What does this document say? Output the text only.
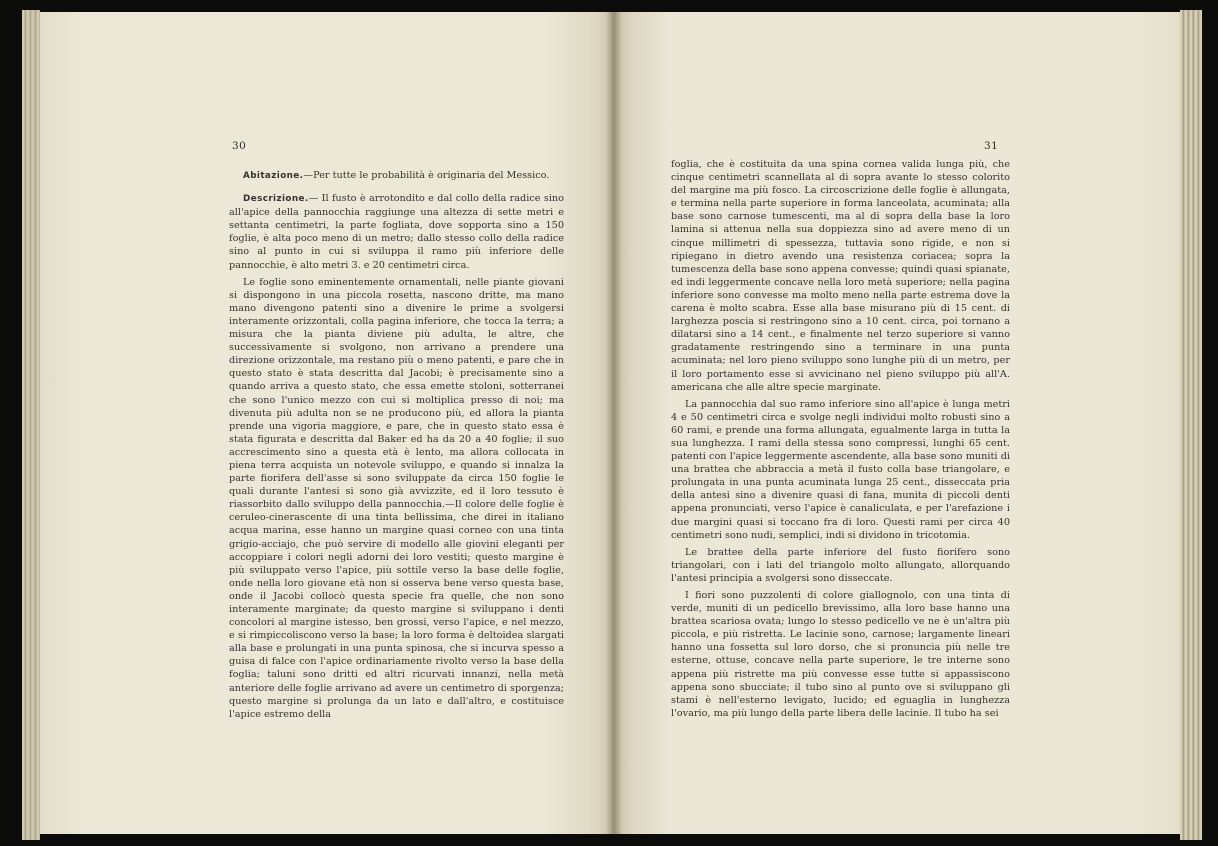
30

Abitazione.—Per tutte le probabilità è originaria del Messico.

Descrizione.— Il fusto è arrotondito e dal collo della radice sino all'apice della pannocchia raggiunge una altezza di sette metri e settanta centimetri, la parte fogliata, dove sopporta sino a 150 foglie, è alta poco meno di un metro; dallo stesso collo della radice sino al punto in cui si sviluppa il ramo più inferiore delle pannocchie, è alto metri 3. e 20 centimetri circa.

Le foglie sono eminentemente ornamentali, nelle piante giovani si dispongono in una piccola rosetta, nascono dritte, ma mano mano divengono patenti sino a divenire le prime a svolgersi interamente orizzontali, colla pagina inferiore, che tocca la terra; a misura che la pianta diviene più adulta, le altre, che successivamente si svolgono, non arrivano a prendere una direzione orizzontale, ma restano più o meno patenti, e pare che in questo stato è stata descritta dal Jacobi; è precisamente sino a quando arriva a questo stato, che essa emette stoloni, sotterranei che sono l'unico mezzo con cui si moltiplica presso di noi; ma divenuta più adulta non se ne producono più, ed allora la pianta prende una vigoria maggiore, e pare, che in questo stato essa è stata figurata e descritta dal Baker ed ha da 20 a 40 foglie; il suo accrescimento sino a questa età è lento, ma allora collocata in piena terra acquista un notevole sviluppo, e quando si innalza la parte fiorifera dell'asse si sono sviluppate da circa 150 foglie le quali durante l'antesi si sono già avvizzite, ed il loro tessuto è riassorbito dallo sviluppo della pannocchia.—Il colore delle foglie è ceruleo-cinerascente di una tinta bellissima, che direi in italiano acqua marina, esse hanno un margine quasi corneo con una tinta grigio-acciajo, che può servire di modello alle giovini eleganti per accoppiare i colori negli adorni dei loro vestiti; questo margine è più sviluppato verso l'apice, più sottile verso la base delle foglie, onde nella loro giovane età non si osserva bene verso questa base, onde il Jacobi collocò questa specie fra quelle, che non sono interamente marginate; da questo margine si sviluppano i denti concolori al margine istesso, ben grossi, verso l'apice, e nel mezzo, e si rimpiccoliscono verso la base; la loro forma è deltoidea slargati alla base e prolungati in una punta spinosa, che si incurva spesso a guisa di falce con l'apice ordinariamente rivolto verso la base della foglia; taluni sono dritti ed altri ricurvati innanzi, nella metà anteriore delle foglie arrivano ad avere un centimetro di sporgenza; questo margine si prolunga da un lato e dall'altro, e costituisce l'apice estremo della

31

foglia, che è costituita da una spina cornea valida lunga più, che cinque centimetri scannellata al di sopra avante lo stesso colorito del margine ma più fosco. La circoscrizione delle foglie è allungata, e termina nella parte superiore in forma lanceolata, acuminata; alla base sono carnose tumescenti, ma al di sopra della base la loro lamina si attenua nella sua doppiezza sino ad avere meno di un cinque millimetri di spessezza, tuttavia sono rigide, e non si ripiegano in dietro avendo una resistenza coriacea; sopra la tumescenza della base sono appena convesse; quindi quasi spianate, ed indi leggermente concave nella loro metà superiore; nella pagina inferiore sono convesse ma molto meno nella parte estrema dove la carena è molto scabra. Esse alla base misurano più di 15 cent. di larghezza poscia si restringono sino a 10 cent. circa, poi tornano a dilatarsi sino a 14 cent., e finalmente nel terzo superiore si vanno gradatamente restringendo sino a terminare in una punta acuminata; nel loro pieno sviluppo sono lunghe più di un metro, per il loro portamento esse si avvicinano nel pieno sviluppo più all'A. americana che alle altre specie marginate.

La pannocchia dal suo ramo inferiore sino all'apice è lunga metri 4 e 50 centimetri circa e svolge negli individui molto robusti sino a 60 rami, e prende una forma allungata, egualmente larga in tutta la sua lunghezza. I rami della stessa sono compressi, lunghi 65 cent. patenti con l'apice leggermente ascendente, alla base sono muniti di una brattea che abbraccia a metà il fusto colla base triangolare, e prolungata in una punta acuminata lunga 25 cent., disseccata pria della antesi sino a divenire quasi di fana, munita di piccoli denti appena pronunciati, verso l'apice è canaliculata, e per l'arefazione i due margini quasi si toccano fra di loro. Questi rami per circa 40 centimetri sono nudi, semplici, indi si dividono in tricotomia.

Le brattee della parte inferiore del fusto fiorifero sono triangolari, con i lati del triangolo molto allungato, allorquando l'antesi principia a svolgersi sono disseccate.

I fiori sono puzzolenti di colore giallognolo, con una tinta di verde, muniti di un pedicello brevissimo, alla loro base hanno una brattea scariosa ovata; lungo lo stesso pedicello ve ne è un'altra più piccola, e più ristretta. Le lacinie sono, carnose; largamente lineari hanno una fossetta sul loro dorso, che si pronuncia più nelle tre esterne, ottuse, concave nella parte superiore, le tre interne sono appena più ristrette ma più convesse esse tutte si appassiscono appena sono sbucciate; il tubo sino al punto ove si sviluppano gli stami è nell'esterno levigato, lucido; ed eguaglia in lunghezza l'ovario, ma più lungo della parte libera delle lacinie. Il tubo ha sei
